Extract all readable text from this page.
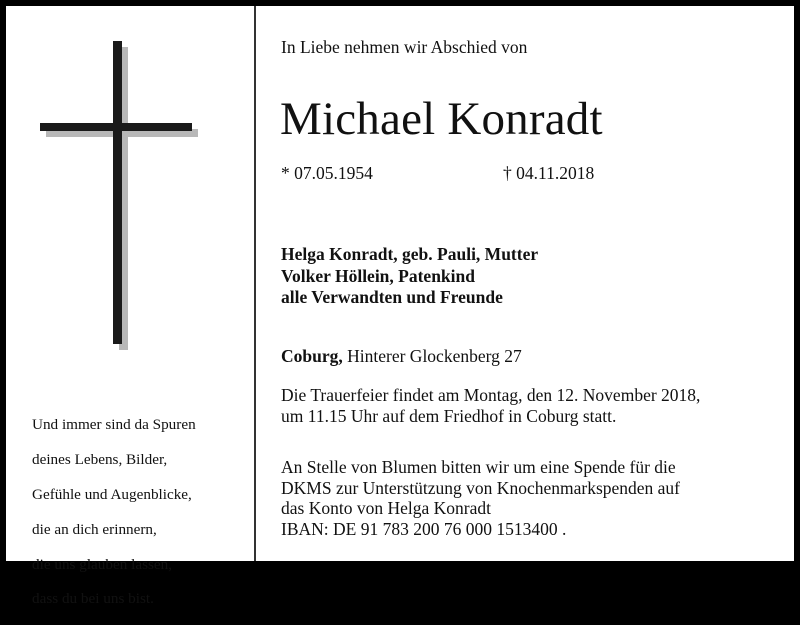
Und immer sind da Spuren

deines Lebens, Bilder,

Gefühle und Augenblicke,

die an dich erinnern,

die uns glauben lassen,

dass du bei uns bist.

In Liebe nehmen wir Abschied von
Michael Konradt
* 07.05.1954	† 04.11.2018
Helga Konradt, geb. Pauli, Mutter
Volker Höllein, Patenkind
alle Verwandten und Freunde
Coburg, Hinterer Glockenberg 27
Die Trauerfeier findet am Montag, den 12. November 2018,
um 11.15 Uhr auf dem Friedhof in Coburg statt.
An Stelle von Blumen bitten wir um eine Spende für die
DKMS zur Unterstützung von Knochenmarkspenden auf
das Konto von Helga Konradt
IBAN: DE 91 783 200 76 000 1513400 .
